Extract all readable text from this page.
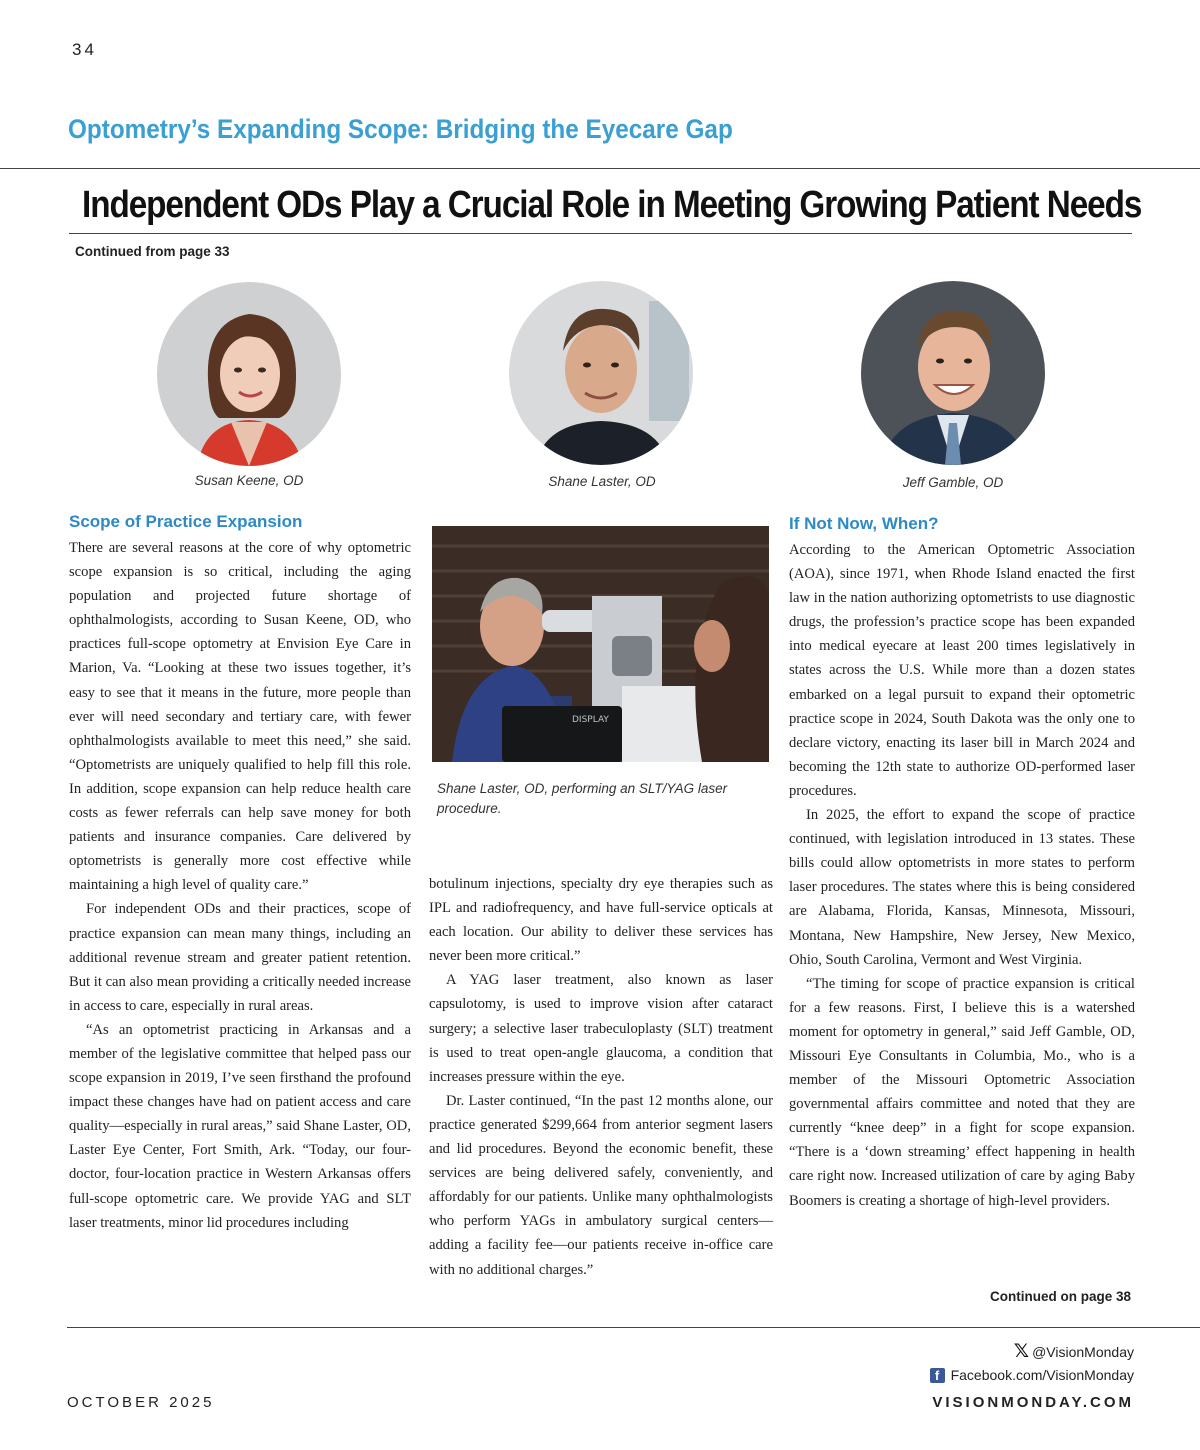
34
Optometry’s Expanding Scope: Bridging the Eyecare Gap
Independent ODs Play a Crucial Role in Meeting Growing Patient Needs
Continued from page 33
Susan Keene, OD	Shane Laster, OD	Jeff Gamble, OD
Scope of Practice Expansion

There are several reasons at the core of why optometric scope expansion is so critical, including the aging population and projected future shortage of ophthalmologists, according to Susan Keene, OD, who practices full-scope optometry at Envision Eye Care in Marion, Va. “Looking at these two issues together, it’s easy to see that it means in the future, more people than ever will need secondary and tertiary care, with fewer ophthalmologists available to meet this need,” she said. “Optometrists are uniquely qualified to help fill this role. In addition, scope expansion can help reduce health care costs as fewer referrals can help save money for both patients and insurance companies. Care delivered by optometrists is generally more cost effective while maintaining a high level of quality care.”

For independent ODs and their practices, scope of practice expansion can mean many things, including an additional revenue stream and greater patient retention. But it can also mean providing a critically needed increase in access to care, especially in rural areas.

“As an optometrist practicing in Arkansas and a member of the legislative committee that helped pass our scope expansion in 2019, I’ve seen firsthand the profound impact these changes have had on patient access and care quality—especially in rural areas,” said Shane Laster, OD, Laster Eye Center, Fort Smith, Ark. “Today, our four-doctor, four-location practice in Western Arkansas offers full-scope optometric care. We provide YAG and SLT laser treatments, minor lid procedures including

DISPLAY
Shane Laster, OD, performing an SLT/YAG laser procedure.

botulinum injections, specialty dry eye therapies such as IPL and radiofrequency, and have full-service opticals at each location. Our ability to deliver these services has never been more critical.”

A YAG laser treatment, also known as laser capsulotomy, is used to improve vision after cataract surgery; a selective laser trabeculoplasty (SLT) treatment is used to treat open-angle glaucoma, a condition that increases pressure within the eye.

Dr. Laster continued, “In the past 12 months alone, our practice generated $299,664 from anterior segment lasers and lid procedures. Beyond the economic benefit, these services are being delivered safely, conveniently, and affordably for our patients. Unlike many ophthalmologists who perform YAGs in ambulatory surgical centers—adding a facility fee—our patients receive in-office care with no additional charges.”

If Not Now, When?

According to the American Optometric Association (AOA), since 1971, when Rhode Island enacted the first law in the nation authorizing optometrists to use diagnostic drugs, the profession’s practice scope has been expanded into medical eyecare at least 200 times legislatively in states across the U.S. While more than a dozen states embarked on a legal pursuit to expand their optometric practice scope in 2024, South Dakota was the only one to declare victory, enacting its laser bill in March 2024 and becoming the 12th state to authorize OD-performed laser procedures.

In 2025, the effort to expand the scope of practice continued, with legislation introduced in 13 states. These bills could allow optometrists in more states to perform laser procedures. The states where this is being considered are Alabama, Florida, Kansas, Minnesota, Missouri, Montana, New Hampshire, New Jersey, New Mexico, Ohio, South Carolina, Vermont and West Virginia.

“The timing for scope of practice expansion is critical for a few reasons. First, I believe this is a watershed moment for optometry in general,” said Jeff Gamble, OD, Missouri Eye Consultants in Columbia, Mo., who is a member of the Missouri Optometric Association governmental affairs committee and noted that they are currently “knee deep” in a fight for scope expansion. “There is a ‘down streaming’ effect happening in health care right now. Increased utilization of care by aging Baby Boomers is creating a shortage of high-level providers.

Continued on page 38
𝕏 @VisionMonday
f Facebook.com/VisionMonday
OCTOBER 2025	VISIONMONDAY.COM
